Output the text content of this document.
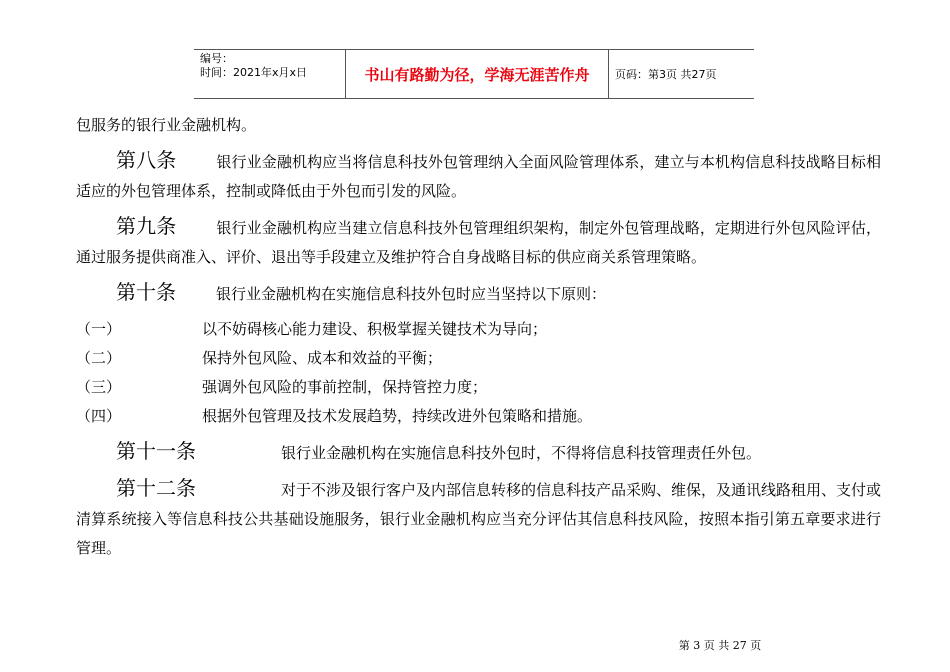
编号：
时间：2021年x月x日	书山有路勤为径，学海无涯苦作舟	页码：第3页 共27页

包服务的银行业金融机构。

第八条	银行业金融机构应当将信息科技外包管理纳入全面风险管理体系，建立与本机构信息科技战略目标相适应的外包管理体系，控制或降低由于外包而引发的风险。

第九条	银行业金融机构应当建立信息科技外包管理组织架构，制定外包管理战略，定期进行外包风险评估，通过服务提供商准入、评价、退出等手段建立及维护符合自身战略目标的供应商关系管理策略。

第十条	银行业金融机构在实施信息科技外包时应当坚持以下原则：

（一）	以不妨碍核心能力建设、积极掌握关键技术为导向；
（二）	保持外包风险、成本和效益的平衡；
（三）	强调外包风险的事前控制，保持管控力度；
（四）	根据外包管理及技术发展趋势，持续改进外包策略和措施。

第十一条	银行业金融机构在实施信息科技外包时，不得将信息科技管理责任外包。

第十二条	对于不涉及银行客户及内部信息转移的信息科技产品采购、维保，及通讯线路租用、支付或清算系统接入等信息科技公共基础设施服务，银行业金融机构应当充分评估其信息科技风险，按照本指引第五章要求进行管理。

第 3 页 共 27 页
